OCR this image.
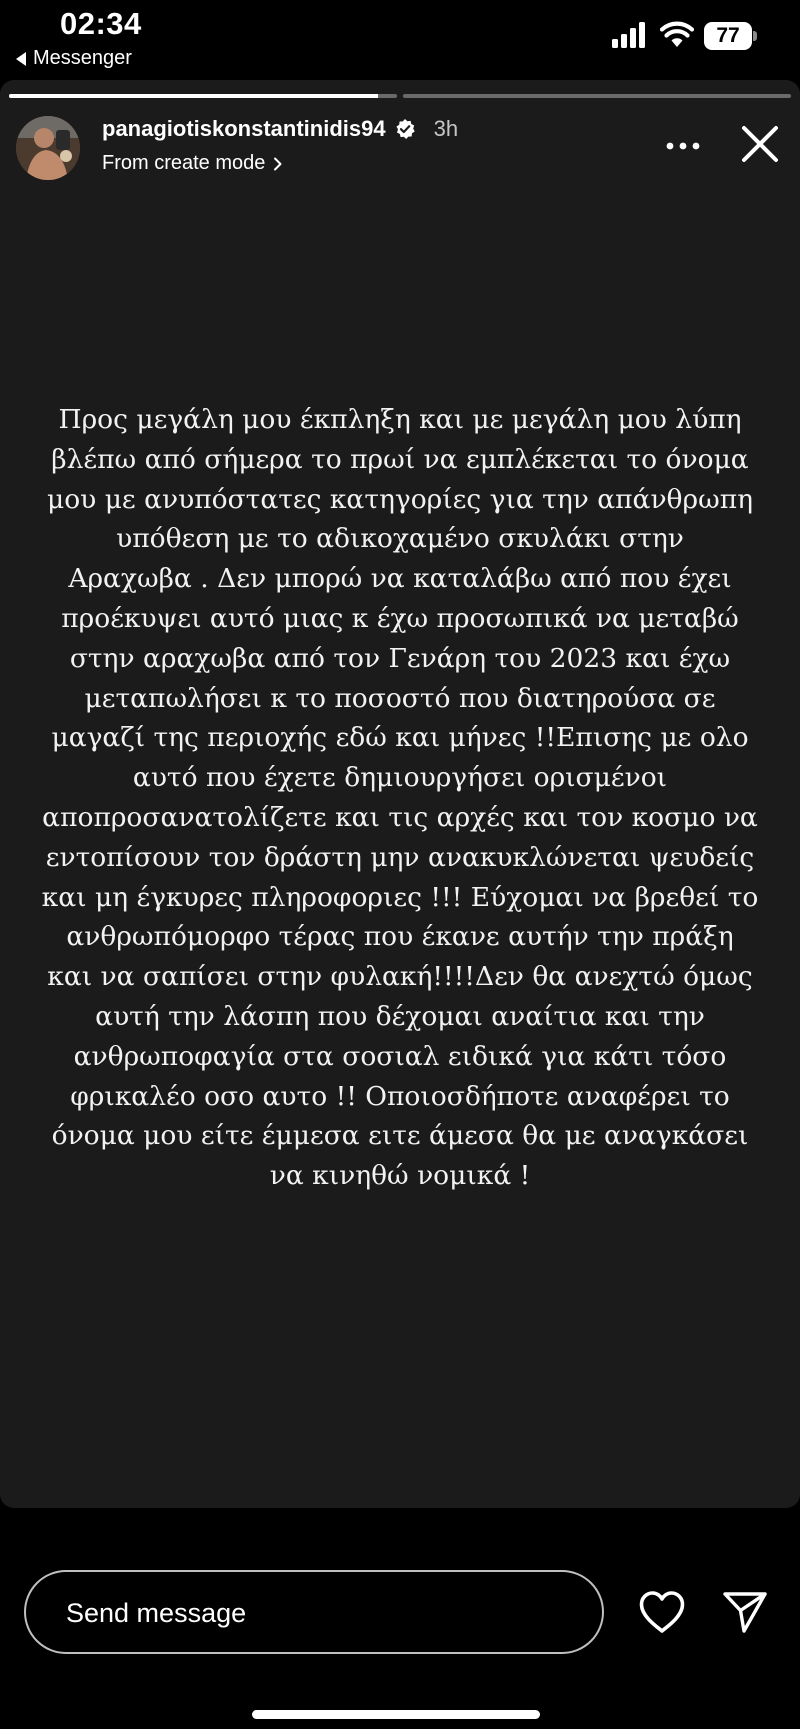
02:34
Messenger
77
panagiotiskonstantinidis94 3h
From create mode
Προς μεγάλη μου έκπληξη και με μεγάλη μου λύπη
βλέπω από σήμερα το πρωί να εμπλέκεται το όνομα
μου με ανυπόστατες κατηγορίες για την απάνθρωπη
υπόθεση με το αδικοχαμένο σκυλάκι στην
Αραχωβα . Δεν μπορώ να καταλάβω από που έχει
προέκυψει αυτό μιας κ έχω προσωπικά να μεταβώ
στην αραχωβα από τον Γενάρη του 2023 και έχω
μεταπωλήσει κ το ποσοστό που διατηρούσα σε
μαγαζί της περιοχής εδώ και μήνες !!Επισης με ολο
αυτό που έχετε δημιουργήσει ορισμένοι
αποπροσανατολίζετε και τις αρχές και τον κοσμο να
εντοπίσουν τον δράστη μην ανακυκλώνεται ψευδείς
και μη έγκυρες πληροφοριες !!! Εύχομαι να βρεθεί το
ανθρωπόμορφο τέρας που έκανε αυτήν την πράξη
και να σαπίσει στην φυλακή!!!!Δεν θα ανεχτώ όμως
αυτή την λάσπη που δέχομαι αναίτια και την
ανθρωποφαγία στα σοσιαλ ειδικά για κάτι τόσο
φρικαλέο οσο αυτο !! Οποιοσδήποτε αναφέρει το
όνομα μου είτε έμμεσα ειτε άμεσα θα με αναγκάσει
να κινηθώ νομικά !
Send message
